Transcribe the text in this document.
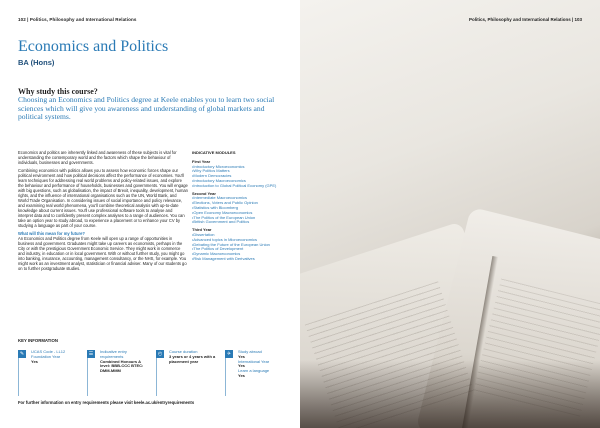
102 | Politics, Philosophy and International Relations
Economics and Politics
BA (Hons)
Why study this course?
Choosing an Economics and Politics degree at Keele enables you to learn two social sciences which will give you awareness and understanding of global markets and political systems.

Economics and politics are inherently linked and awareness of these subjects is vital for understanding the contemporary world and the factors which shape the behaviour of individuals, businesses and governments.

Combining economics with politics allows you to assess how economic forces shape our political environment and how political decisions affect the performance of economies. You'll learn techniques for addressing real world problems and policy-related issues, and explore the behaviour and performance of households, businesses and governments. You will engage with big questions, such as globalisation, the impact of Brexit, inequality, development, human rights, and the influence of international organisations such as the UN, World Bank, and World Trade Organisation. In considering issues of social importance and policy relevance, and examining real world phenomena, you'll combine theoretical analysis with up-to-date knowledge about current issues. You'll use professional software tools to analyse and interpret data and to confidently present complex analyses to a range of audiences. You can take an option year to study abroad, to experience a placement or to enhance your CV by studying a language as part of your course.

What will this mean for my future?

An Economics and Politics degree from Keele will open up a range of opportunities in business and government. Graduates might take up careers as economists, perhaps in the City or with the prestigious Government Economic Service. They might work in commerce and industry, in education or in local government. With or without further study, you might go into banking, insurance, accounting, management consultancy, or the NHS, for example. You might work as an investment analyst, statistician or financial adviser. Many of our students go on to further postgraduate studies.

INDICATIVE MODULES
First Year
•Introductory Microeconomics
•Why Politics Matters
•Modern Democracies
•Introductory Macroeconomics
•Introduction to Global Political Economy (GPE)
Second Year
•Intermediate Macroeconomics
•Elections, Voters and Public Opinion
•Statistics with Bloomberg
•Open Economy Macroeconomics
•The Politics of the European Union
•British Government and Politics
Third Year
•Dissertation
•Advanced topics in Microeconomics
•Debating the Future of the European Union
•The Politics of Development
•Dynamic Macroeconomics
•Risk Management with Derivatives
KEY INFORMATION
✎	UCAS Code - LL12
Foundation Year
Yes
☰	Indicative entry requirements
Combined Honours A level: BBB-CCC BTEC: DMM-MMM
◴	Course duration
3 years or 4 years with a placement year
✈	Study abroad
Yes
International Year
Yes
Learn a language
Yes
For further information on entry requirements please visit keele.ac.uk/entryrequirements
Politics, Philosophy and International Relations | 103
